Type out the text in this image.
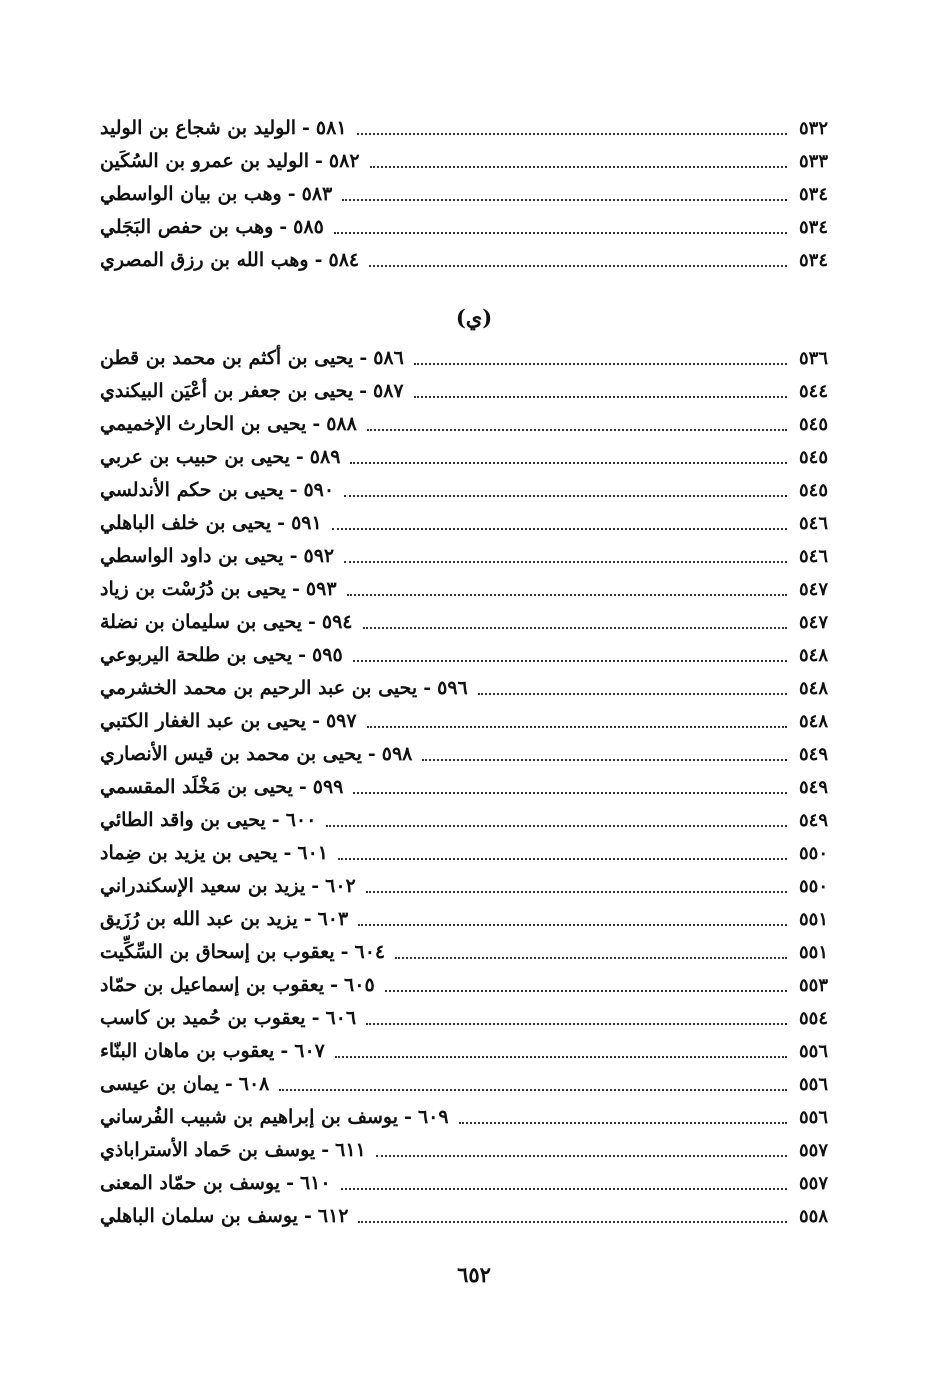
٥٨١-الوليد بن شجاع بن الوليد	٥٣٢
٥٨٢-الوليد بن عمرو بن السُكَين	٥٣٣
٥٨٣-وهب بن بيان الواسطي	٥٣٤
٥٨٥-وهب بن حفص البَجَلي	٥٣٤
٥٨٤-وهب الله بن رزق المصري	٥٣٤
(ي)
٥٨٦-يحيى بن أكثم بن محمد بن قطن	٥٣٦
٥٨٧-يحيى بن جعفر بن أعْيَن البيكندي	٥٤٤
٥٨٨-يحيى بن الحارث الإخميمي	٥٤٥
٥٨٩-يحيى بن حبيب بن عربي	٥٤٥
٥٩٠-يحيى بن حكم الأندلسي	٥٤٥
٥٩١-يحيى بن خلف الباهلي	٥٤٦
٥٩٢-يحيى بن داود الواسطي	٥٤٦
٥٩٣-يحيى بن دُرُسْت بن زياد	٥٤٧
٥٩٤-يحيى بن سليمان بن نضلة	٥٤٧
٥٩٥-يحيى بن طلحة اليربوعي	٥٤٨
٥٩٦-يحيى بن عبد الرحيم بن محمد الخشرمي	٥٤٨
٥٩٧-يحيى بن عبد الغفار الكتبي	٥٤٨
٥٩٨-يحيى بن محمد بن قيس الأنصاري	٥٤٩
٥٩٩-يحيى بن مَخْلَد المقسمي	٥٤٩
٦٠٠-يحيى بن واقد الطائي	٥٤٩
٦٠١-يحيى بن يزيد بن ضِماد	٥٥٠
٦٠٢-يزيد بن سعيد الإسكندراني	٥٥٠
٦٠٣-يزيد بن عبد الله بن رُزَيق	٥٥١
٦٠٤-يعقوب بن إسحاق بن السِّكِّيت	٥٥١
٦٠٥-يعقوب بن إسماعيل بن حمّاد	٥٥٣
٦٠٦-يعقوب بن حُميد بن كاسب	٥٥٤
٦٠٧-يعقوب بن ماهان البنّاء	٥٥٦
٦٠٨-يمان بن عيسى	٥٥٦
٦٠٩-يوسف بن إبراهيم بن شبيب الفُرساني	٥٥٦
٦١١-يوسف بن حَماد الأستراباذي	٥٥٧
٦١٠-يوسف بن حمّاد المعنى	٥٥٧
٦١٢-يوسف بن سلمان الباهلي	٥٥٨
٦٥٢
